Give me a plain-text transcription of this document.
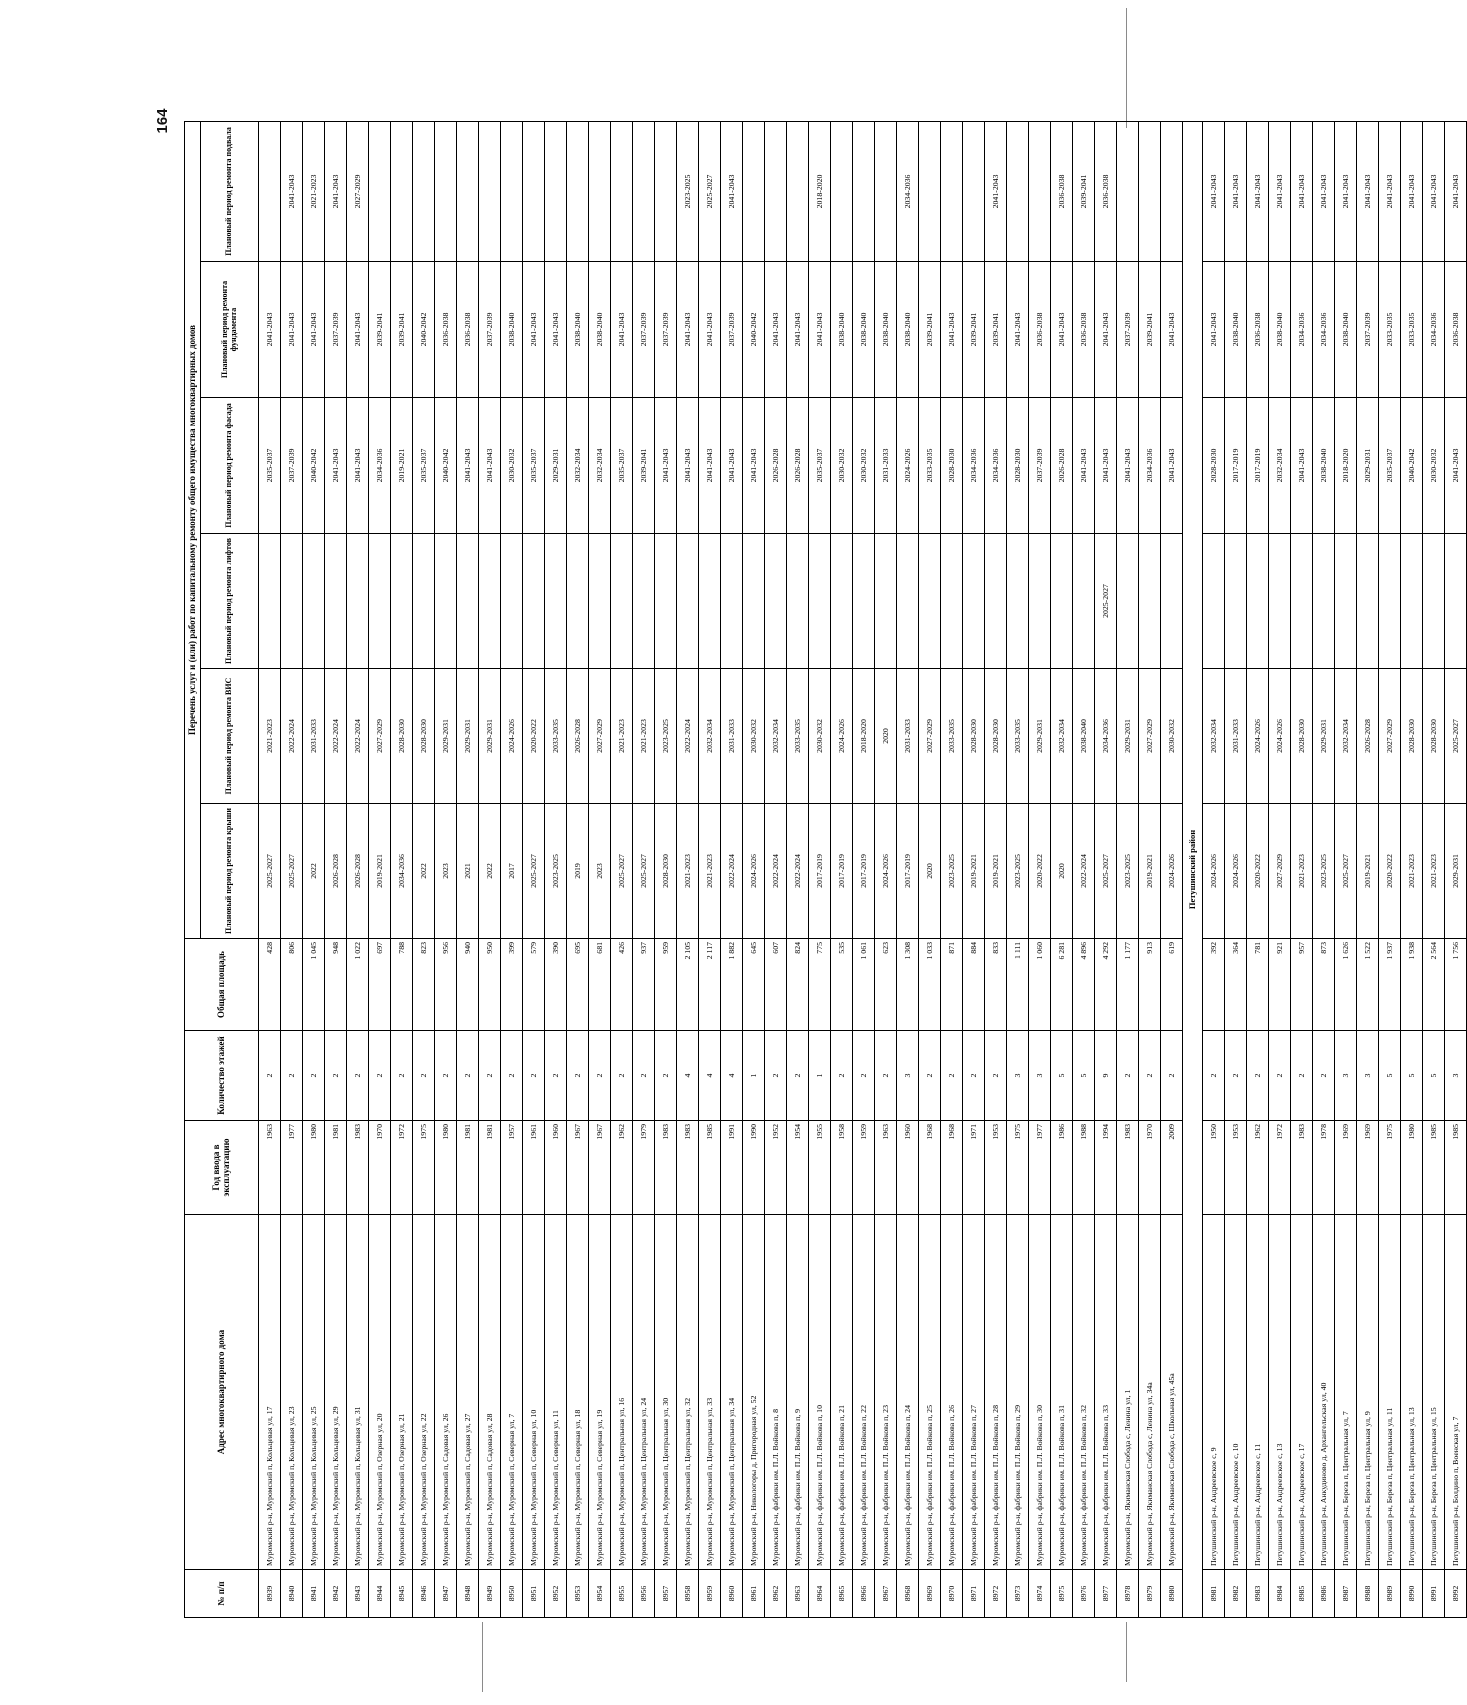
164
№ п/п	Адрес многоквартирного дома	Год ввода в эксплуатацию	Количество этажей	Общая площадь	Перечень услуг и (или) работ по капитальному ремонту общего имущества многоквартирных домов					
					Плановый период ремонта крыши	Плановый период ремонта ВИС	Плановый период ремонта лифтов	Плановый период ремонта фасада	Плановый период ремонта фундамента	Плановый период ремонта подвала
8939	Муромский р-н, Муромский п, Кольцевая ул, 17	1963	2	428	2025-2027	2021-2023		2035-2037	2041-2043	
8940	Муромский р-н, Муромский п, Кольцевая ул, 23	1977	2	806	2025-2027	2022-2024		2037-2039	2041-2043	2041-2043
8941	Муромский р-н, Муромский п, Кольцевая ул, 25	1980	2	1 045	2022	2031-2033		2040-2042	2041-2043	2021-2023
8942	Муромский р-н, Муромский п, Кольцевая ул, 29	1981	2	948	2026-2028	2022-2024		2041-2043	2037-2039	2041-2043
8943	Муромский р-н, Муромский п, Кольцевая ул, 31	1983	2	1 022	2026-2028	2022-2024		2041-2043	2041-2043	2027-2029
8944	Муромский р-н, Муромский п, Озерная ул, 20	1970	2	697	2019-2021	2027-2029		2034-2036	2039-2041	
8945	Муромский р-н, Муромский п, Озерная ул, 21	1972	2	788	2034-2036	2028-2030		2019-2021	2039-2041	
8946	Муромский р-н, Муромский п, Озерная ул, 22	1975	2	823	2022	2028-2030		2035-2037	2040-2042	
8947	Муромский р-н, Муромский п, Садовая ул, 26	1980	2	956	2023	2029-2031		2040-2042	2036-2038	
8948	Муромский р-н, Муромский п, Садовая ул, 27	1981	2	940	2021	2029-2031		2041-2043	2036-2038	
8949	Муромский р-н, Муромский п, Садовая ул, 28	1981	2	950	2022	2029-2031		2041-2043	2037-2039	
8950	Муромский р-н, Муромский п, Северная ул, 7	1957	2	399	2017	2024-2026		2030-2032	2038-2040	
8951	Муромский р-н, Муромский п, Северная ул, 10	1961	2	579	2025-2027	2020-2022		2035-2037	2041-2043	
8952	Муромский р-н, Муромский п, Северная ул, 11	1960	2	390	2023-2025	2033-2035		2029-2031	2041-2043	
8953	Муромский р-н, Муромский п, Северная ул, 18	1967	2	695	2019	2026-2028		2032-2034	2038-2040	
8954	Муромский р-н, Муромский п, Северная ул, 19	1967	2	681	2023	2027-2029		2032-2034	2038-2040	
8955	Муромский р-н, Муромский п, Центральная ул, 16	1962	2	426	2025-2027	2021-2023		2035-2037	2041-2043	
8956	Муромский р-н, Муромский п, Центральная ул, 24	1979	2	937	2025-2027	2021-2023		2039-2041	2037-2039	
8957	Муромский р-н, Муромский п, Центральная ул, 30	1983	2	959	2028-2030	2023-2025		2041-2043	2037-2039	
8958	Муромский р-н, Муромский п, Центральная ул, 32	1983	4	2 105	2021-2023	2022-2024		2041-2043	2041-2043	2023-2025
8959	Муромский р-н, Муромский п, Центральная ул, 33	1985	4	2 117	2021-2023	2032-2034		2041-2043	2041-2043	2025-2027
8960	Муромский р-н, Муромский п, Центральная ул, 34	1991	4	1 882	2022-2024	2031-2033		2041-2043	2037-2039	2041-2043
8961	Муромский р-н, Никологоры д, Пригородная ул, 52	1990	1	645	2024-2026	2030-2032		2041-2043	2040-2042	
8962	Муромский р-н, фабрики им. П.Л. Войкова п, 8	1952	2	607	2022-2024	2032-2034		2026-2028	2041-2043	
8963	Муромский р-н, фабрики им. П.Л. Войкова п, 9	1954	2	824	2022-2024	2033-2035		2026-2028	2041-2043	
8964	Муромский р-н, фабрики им. П.Л. Войкова п, 10	1955	1	775	2017-2019	2030-2032		2035-2037	2041-2043	2018-2020
8965	Муромский р-н, фабрики им. П.Л. Войкова п, 21	1958	2	535	2017-2019	2024-2026		2030-2032	2038-2040	
8966	Муромский р-н, фабрики им. П.Л. Войкова п, 22	1959	2	1 061	2017-2019	2018-2020		2030-2032	2038-2040	
8967	Муромский р-н, фабрики им. П.Л. Войкова п, 23	1963	2	623	2024-2026	2020		2031-2033	2038-2040	
8968	Муромский р-н, фабрики им. П.Л. Войкова п, 24	1960	3	1 308	2017-2019	2031-2033		2024-2026	2038-2040	2034-2036
8969	Муромский р-н, фабрики им. П.Л. Войкова п, 25	1968	2	1 033	2020	2027-2029		2033-2035	2039-2041	
8970	Муромский р-н, фабрики им. П.Л. Войкова п, 26	1968	2	871	2023-2025	2033-2035		2028-2030	2041-2043	
8971	Муромский р-н, фабрики им. П.Л. Войкова п, 27	1971	2	884	2019-2021	2028-2030		2034-2036	2039-2041	
8972	Муромский р-н, фабрики им. П.Л. Войкова п, 28	1953	2	833	2019-2021	2028-2030		2034-2036	2039-2041	2041-2043
8973	Муромский р-н, фабрики им. П.Л. Войкова п, 29	1975	3	1 111	2023-2025	2033-2035		2028-2030	2041-2043	
8974	Муромский р-н, фабрики им. П.Л. Войкова п, 30	1977	3	1 060	2020-2022	2029-2031		2037-2039	2036-2038	
8975	Муромский р-н, фабрики им. П.Л. Войкова п, 31	1986	5	6 281	2020	2032-2034		2026-2028	2041-2043	2036-2038
8976	Муромский р-н, фабрики им. П.Л. Войкова п, 32	1988	5	4 896	2022-2024	2038-2040		2041-2043	2036-2038	2039-2041
8977	Муромский р-н, фабрики им. П.Л. Войкова п, 33	1994	9	4 292	2025-2027	2034-2036	2025-2027	2041-2043	2041-2043	2036-2038
8978	Муромский р-н, Якиманская Слобода с, Ленина ул, 1	1983	2	1 177	2023-2025	2029-2031		2041-2043	2037-2039	
8979	Муромский р-н, Якиманская Слобода с, Ленина ул, 34а	1970	2	913	2019-2021	2027-2029		2034-2036	2039-2041	
8980	Муромский р-н, Якиманская Слобода с, Школьная ул, 45а	2009	2	619	2024-2026	2030-2032		2041-2043	2041-2043	
Петушинский район										
8981	Петушинский р-н, Андреевское с, 9	1950	2	392	2024-2026	2032-2034		2028-2030	2041-2043	2041-2043
8982	Петушинский р-н, Андреевское с, 10	1953	2	364	2024-2026	2031-2033		2017-2019	2038-2040	2041-2043
8983	Петушинский р-н, Андреевское с, 11	1962	2	781	2020-2022	2024-2026		2017-2019	2036-2038	2041-2043
8984	Петушинский р-н, Андреевское с, 13	1972	2	921	2027-2029	2024-2026		2032-2034	2038-2040	2041-2043
8985	Петушинский р-н, Андреевское с, 17	1983	2	957	2021-2023	2028-2030		2041-2043	2034-2036	2041-2043
8986	Петушинский р-н, Анкудиново д, Архангельская ул, 40	1978	2	873	2023-2025	2029-2031		2038-2040	2034-2036	2041-2043
8987	Петушинский р-н, Береза п, Центральная ул, 7	1969	3	1 626	2025-2027	2032-2034		2018-2020	2038-2040	2041-2043
8988	Петушинский р-н, Береза п, Центральная ул, 9	1969	3	1 522	2019-2021	2026-2028		2029-2031	2037-2039	2041-2043
8989	Петушинский р-н, Береза п, Центральная ул, 11	1975	5	1 937	2020-2022	2027-2029		2035-2037	2033-2035	2041-2043
8990	Петушинский р-н, Береза п, Центральная ул, 13	1980	5	1 938	2021-2023	2028-2030		2040-2042	2033-2035	2041-2043
8991	Петушинский р-н, Береза п, Центральная ул, 15	1985	5	2 564	2021-2023	2028-2030		2030-2032	2034-2036	2041-2043
8992	Петушинский р-н, Болдино п, Военская ул, 7	1985	3	1 756	2029-2031	2025-2027		2041-2043	2036-2038	2041-2043
